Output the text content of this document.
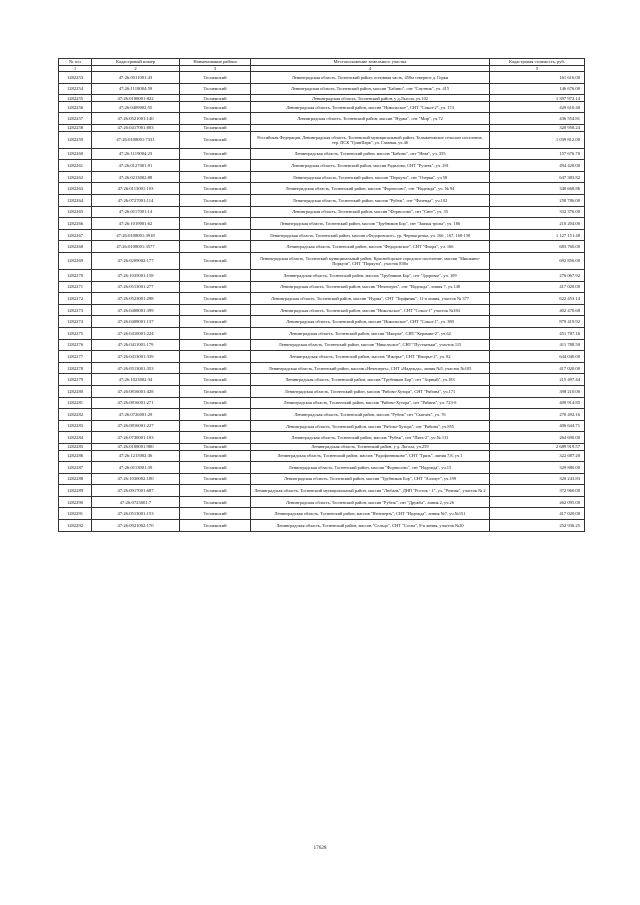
№ п/п	Кадастровый номер	Наименование района	Местоположение земельного участка	Кадастровая стоимость, руб.
1	2	3	4	5
1282253	47:26:0511001:43	Тосненский	Ленинградская область, Тосненский район, основная часть, 450м северное д. Горки	161 616.00
1282254	47:26:1118004:59	Тосненский	Ленинградская область, Тосненский район, массив "Бабино", снт "Спутник", уч. 415	146 676.00
1282255	47:26:0108001:822	Тосненский	Ленинградская область, Тосненский район, у д.Льгола, уч.102	1 397 972.14
1282256	47:26:0409002:55	Тосненский	Ленинградская область, Тосненский район, массив "Никольское", СНТ "Сокол-2", уч. 174	429 610.40
1282257	47:26:0521001:140	Тосненский	Ленинградская область, Тосненский район, массив "Нурма", снт "Мир", уч.72	436 554.81
1282258	47:26:0417001:803	Тосненский		320 958.24
1282259	47:26:0108001:7331	Тосненский	Российская Федерация, Ленинградская область, Тосненский муниципальный район, Тельмановское сельское поселение, тер. ПСК "ГринПарк", ул. Главная, уч.46	1 039 812.00
1282260	47:26:1119004:23	Тосненский	Ленинградская область, Тосненский район, массив "Бабино", снт "Нева", уч. 355	157 676.70
1282261	47:26:0127001:91	Тосненский	Ленинградская область, Тосненский район, массив Радилово, СНТ "Ручеек", уч. 291	494 420.00
1282262	47:26:0213002:88	Тосненский	Ленинградская область, Тосненский район, массив "Поркузи", снт "Озерки", уч 58	647 383.82
1282263	47:26:0113001:103	Тосненский	Ленинградская область, Тосненский район, массив "Форносово", снт "Надежда", уч. № 94	340 668.86
1282264	47:26:0727001:114	Тосненский	Ленинградская область, Тосненский район, массив "Рубеж", снт "Фазенда", уч.102	258 786.00
1282265	47:26:0117001:14	Тосненский	Ленинградская область, Тосненский район, массив "Форносово", снт "Свет", уч. 35	332 376.00
1282266	47:26:1019001:62	Тосненский	Ленинградская область, Тосненский район, массив "Трубников Бор", снт "Заячья тропа", уч. 186	210 204.00
1282267	47:26:0108001:3918	Тосненский	Ленинградская область, Тосненский район, массив «Федоровское», ур. Черная речка, уч. 166 , 167, 168-158	1 127 151.48
1282268	47:26:0108001:3577	Тосненский	Ленинградская область, Тосненский район, массив "Федоровское", СНТ "Флора", уч. 166	683 760.00
1282269	47:26:0209002:177	Тосненский	Ленинградская область, Тосненский муниципальный район, Красноборское городское поселение, массив "Мишкино-Поркузи", СНТ "Поркузи", участок 838а	692 856.00
1282270	47:26:1035001:158	Тосненский	Ленинградская область, Тосненский район, массив "Трубников Бор", снт "Здоровье", уч. 109	276 067.92
1282271	47:26:0513001:277	Тосненский	Ленинградская область, Тосненский район, массив "Нечеперть", снт "Надежда", линия 7, уч.148	417 020.00
1282272	47:26:0523001:298	Тосненский	Ленинградская область, Тосненский район, массив "Нурма", СНТ "Торфяник", 11-я линия, участок № 377	622 453.14
1282273	47:26:0408001:399	Тосненский	Ленинградская область, Тосненский район, массив "Никольское", СНТ "Сокол-1" участок №184	402 470.68
1282274	47:26:0408001:137	Тосненский	Ленинградская область, Тосненский район, массив "Никольское", СНТ "Сокол-1", уч. 380	879 419.92
1282275	47:26:0410001:224	Тосненский	Ленинградская область, Тосненский район, массив "Ижорье", СНТ "Керамик-2", уч.62	451 787.16
1282276	47:26:0411001:179	Тосненский	Ленинградская область, Тосненский район, массив "Никольское", СНТ "Пустыньки", участок 115	411 788.50
1282277	47:26:0413001:339	Тосненский	Ленинградская область, Тосненский район, массив "Ижорье", СНТ "Ижорье-2", уч. 82	644 040.00
1282278	47:26:0513001:353	Тосненский	Ленинградская область, Тосненский район, массив «Нечеперть», СНТ «Надежда», линия №5, участок №105	417 020.00
1282279	47:26:1023002:34	Тосненский	Ленинградская область, Тосненский район, массив "Трубников Бор", снт "Зорный", уч.183	215 497.44
1282280	47:26:0816001:428	Тосненский	Ленинградская область, Тосненский район, массив "Рябово-Хутора", СНТ "Рябина", уч.171	398 210.00
1282281	47:26:0816001:271	Тосненский	Ленинградская область, Тосненский район, массив "Рябово-Хутора", снт "Рябина", уч. 723-б	400 914.85
1282282	47:26:0726001:29	Тосненский	Ленинградская область, Тосненский район, массив "Рубеж" снт "Сыпчек", уч. 76	270 492.16
1282283	47:26:0816001:227	Тосненский	Ленинградская область, Тосненский район, массив "Рябово-Хутора", снт "Рябина", уч.855	406 644.71
1282284	47:26:0730001:103	Тосненский	Ленинградская область, Тосненский район, массив "Рубеж", снт "Пять-2", уч.№ 131	264 690.00
1282285	47:26:0108001:980	Тосненский	Ленинградская область, Тосненский район, у д. Льгола, уч.259	2 689 919.57
1282286	47:26:1215002:36	Тосненский	Ленинградская область, Тосненский район, массив "Радофинниково", СНТ "Грязь", линия 7,8, уч.1	322 687.20
1282287	47:26:0113001:39	Тосненский	Ленинградская область, Тосненский район, массив "Форносово", снт "Надежда", уч.15	329 880.00
1282288	47:26:1030002:100	Тосненский	Ленинградская область, Тосненский район, массив "Трубников Бор", СНТ "Аллмут", уч.199	320 243.83
1282289	47:26:0917001:687	Тосненский	Ленинградская область, Тосненский муниципальный район, массив "Любань", ДНП "Росток - 1", ул. "Речная", участок № 2	372 960.00
1282290	47:26:0723001:7	Тосненский	Ленинградская область, Тосненский район, массив "Рубеж", снт "Дружба", линия 2, уч.26	262 095.00
1282291	47:26:0513001:153	Тосненский	Ленинградская область, Тосненский район, массив "Нечеперть", СНТ "Надежда", линия №7, уч.№151	417 020.00
1282292	47:26:0921002:170	Тосненский	Ленинградская область, Тосненский район, массив "Сельцо", СНТ "Сосна", 8-я линия, участок №20	252 936.25
17628
